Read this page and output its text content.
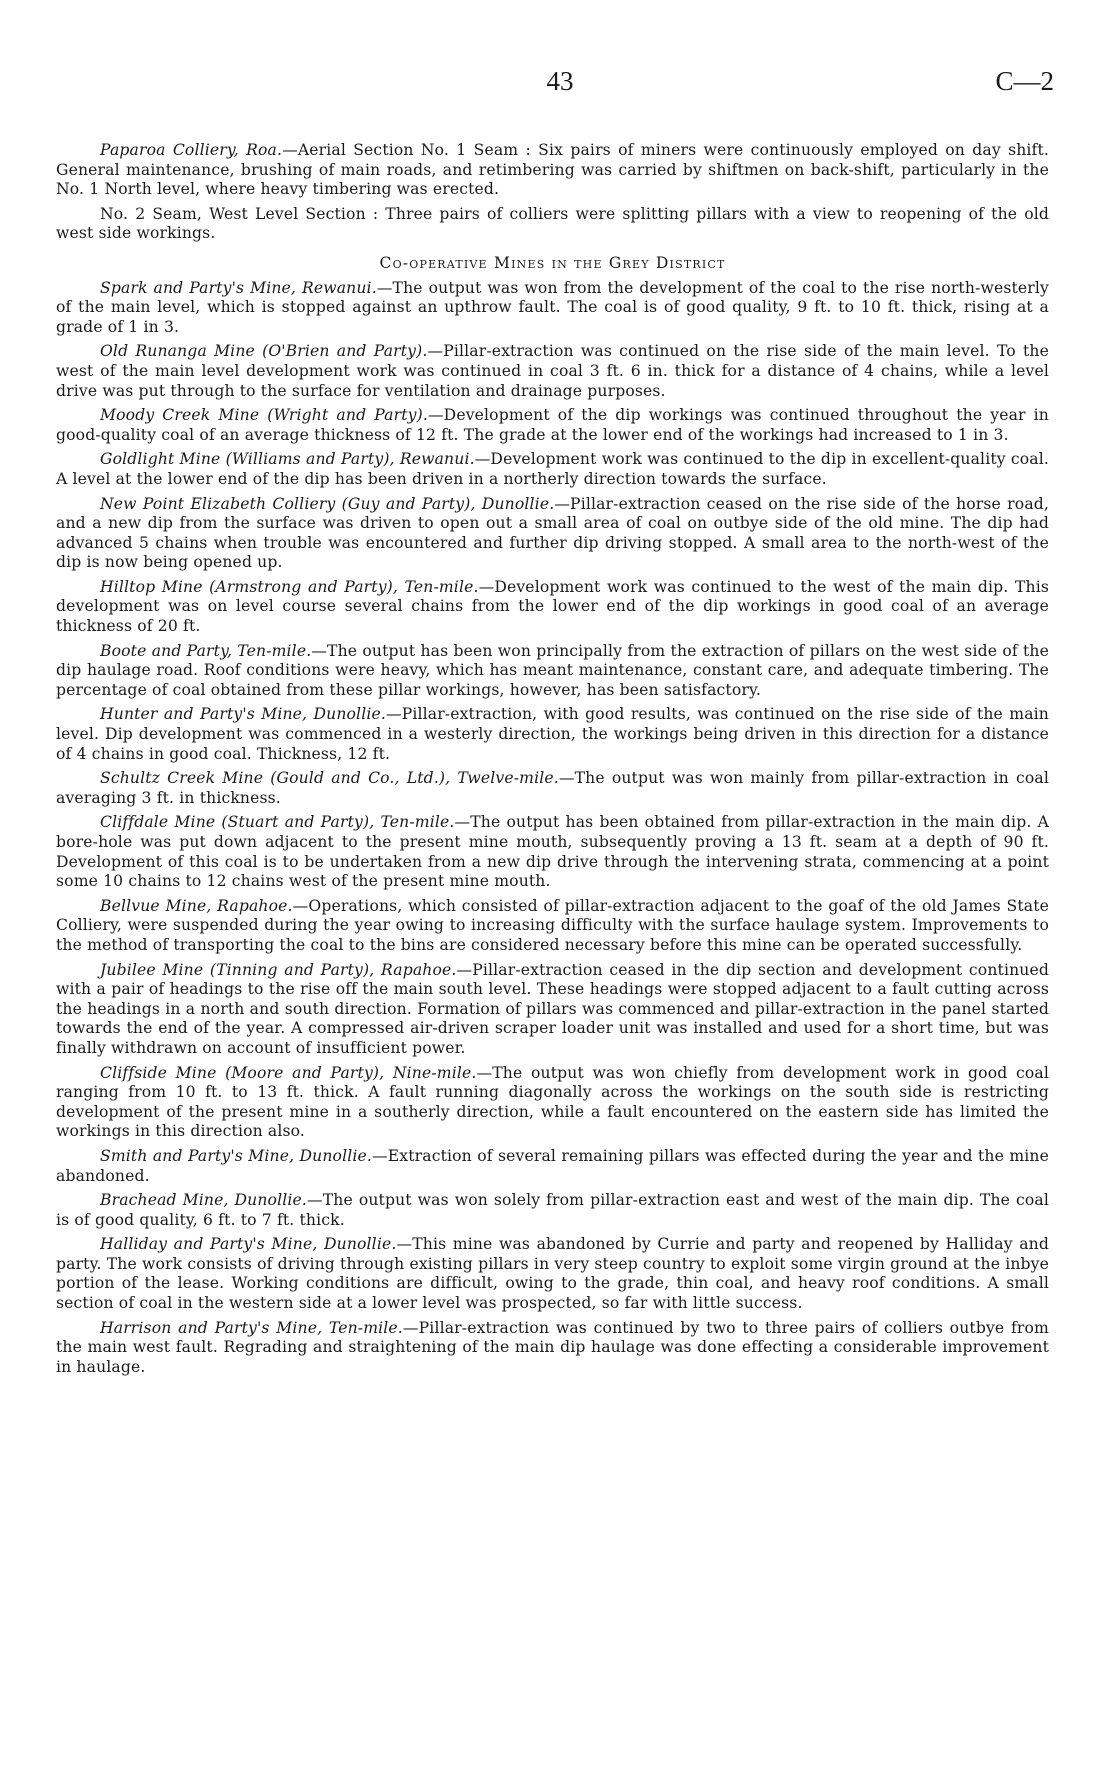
43	C—2

Paparoa Colliery, Roa.—Aerial Section No. 1 Seam : Six pairs of miners were continuously employed on day shift. General maintenance, brushing of main roads, and retimbering was carried by shiftmen on back-shift, particularly in the No. 1 North level, where heavy timbering was erected.

No. 2 Seam, West Level Section : Three pairs of colliers were splitting pillars with a view to reopening of the old west side workings.

Co-operative Mines in the Grey District

Spark and Party's Mine, Rewanui.—The output was won from the development of the coal to the rise north-westerly of the main level, which is stopped against an upthrow fault. The coal is of good quality, 9 ft. to 10 ft. thick, rising at a grade of 1 in 3.

Old Runanga Mine (O'Brien and Party).—Pillar-extraction was continued on the rise side of the main level. To the west of the main level development work was continued in coal 3 ft. 6 in. thick for a distance of 4 chains, while a level drive was put through to the surface for ventilation and drainage purposes.

Moody Creek Mine (Wright and Party).—Development of the dip workings was continued throughout the year in good-quality coal of an average thickness of 12 ft. The grade at the lower end of the workings had increased to 1 in 3.

Goldlight Mine (Williams and Party), Rewanui.—Development work was continued to the dip in excellent-quality coal. A level at the lower end of the dip has been driven in a northerly direction towards the surface.

New Point Elizabeth Colliery (Guy and Party), Dunollie.—Pillar-extraction ceased on the rise side of the horse road, and a new dip from the surface was driven to open out a small area of coal on outbye side of the old mine. The dip had advanced 5 chains when trouble was encountered and further dip driving stopped. A small area to the north-west of the dip is now being opened up.

Hilltop Mine (Armstrong and Party), Ten-mile.—Development work was continued to the west of the main dip. This development was on level course several chains from the lower end of the dip workings in good coal of an average thickness of 20 ft.

Boote and Party, Ten-mile.—The output has been won principally from the extraction of pillars on the west side of the dip haulage road. Roof conditions were heavy, which has meant maintenance, constant care, and adequate timbering. The percentage of coal obtained from these pillar workings, however, has been satisfactory.

Hunter and Party's Mine, Dunollie.—Pillar-extraction, with good results, was continued on the rise side of the main level. Dip development was commenced in a westerly direction, the workings being driven in this direction for a distance of 4 chains in good coal. Thickness, 12 ft.

Schultz Creek Mine (Gould and Co., Ltd.), Twelve-mile.—The output was won mainly from pillar-extraction in coal averaging 3 ft. in thickness.

Cliffdale Mine (Stuart and Party), Ten-mile.—The output has been obtained from pillar-extraction in the main dip. A bore-hole was put down adjacent to the present mine mouth, subsequently proving a 13 ft. seam at a depth of 90 ft. Development of this coal is to be undertaken from a new dip drive through the intervening strata, commencing at a point some 10 chains to 12 chains west of the present mine mouth.

Bellvue Mine, Rapahoe.—Operations, which consisted of pillar-extraction adjacent to the goaf of the old James State Colliery, were suspended during the year owing to increasing difficulty with the surface haulage system. Improvements to the method of transporting the coal to the bins are considered necessary before this mine can be operated successfully.

Jubilee Mine (Tinning and Party), Rapahoe.—Pillar-extraction ceased in the dip section and development continued with a pair of headings to the rise off the main south level. These headings were stopped adjacent to a fault cutting across the headings in a north and south direction. Formation of pillars was commenced and pillar-extraction in the panel started towards the end of the year. A compressed air-driven scraper loader unit was installed and used for a short time, but was finally withdrawn on account of insufficient power.

Cliffside Mine (Moore and Party), Nine-mile.—The output was won chiefly from development work in good coal ranging from 10 ft. to 13 ft. thick. A fault running diagonally across the workings on the south side is restricting development of the present mine in a southerly direction, while a fault encountered on the eastern side has limited the workings in this direction also.

Smith and Party's Mine, Dunollie.—Extraction of several remaining pillars was effected during the year and the mine abandoned.

Brachead Mine, Dunollie.—The output was won solely from pillar-extraction east and west of the main dip. The coal is of good quality, 6 ft. to 7 ft. thick.

Halliday and Party's Mine, Dunollie.—This mine was abandoned by Currie and party and reopened by Halliday and party. The work consists of driving through existing pillars in very steep country to exploit some virgin ground at the inbye portion of the lease. Working conditions are difficult, owing to the grade, thin coal, and heavy roof conditions. A small section of coal in the western side at a lower level was prospected, so far with little success.

Harrison and Party's Mine, Ten-mile.—Pillar-extraction was continued by two to three pairs of colliers outbye from the main west fault. Regrading and straightening of the main dip haulage was done effecting a considerable improvement in haulage.
